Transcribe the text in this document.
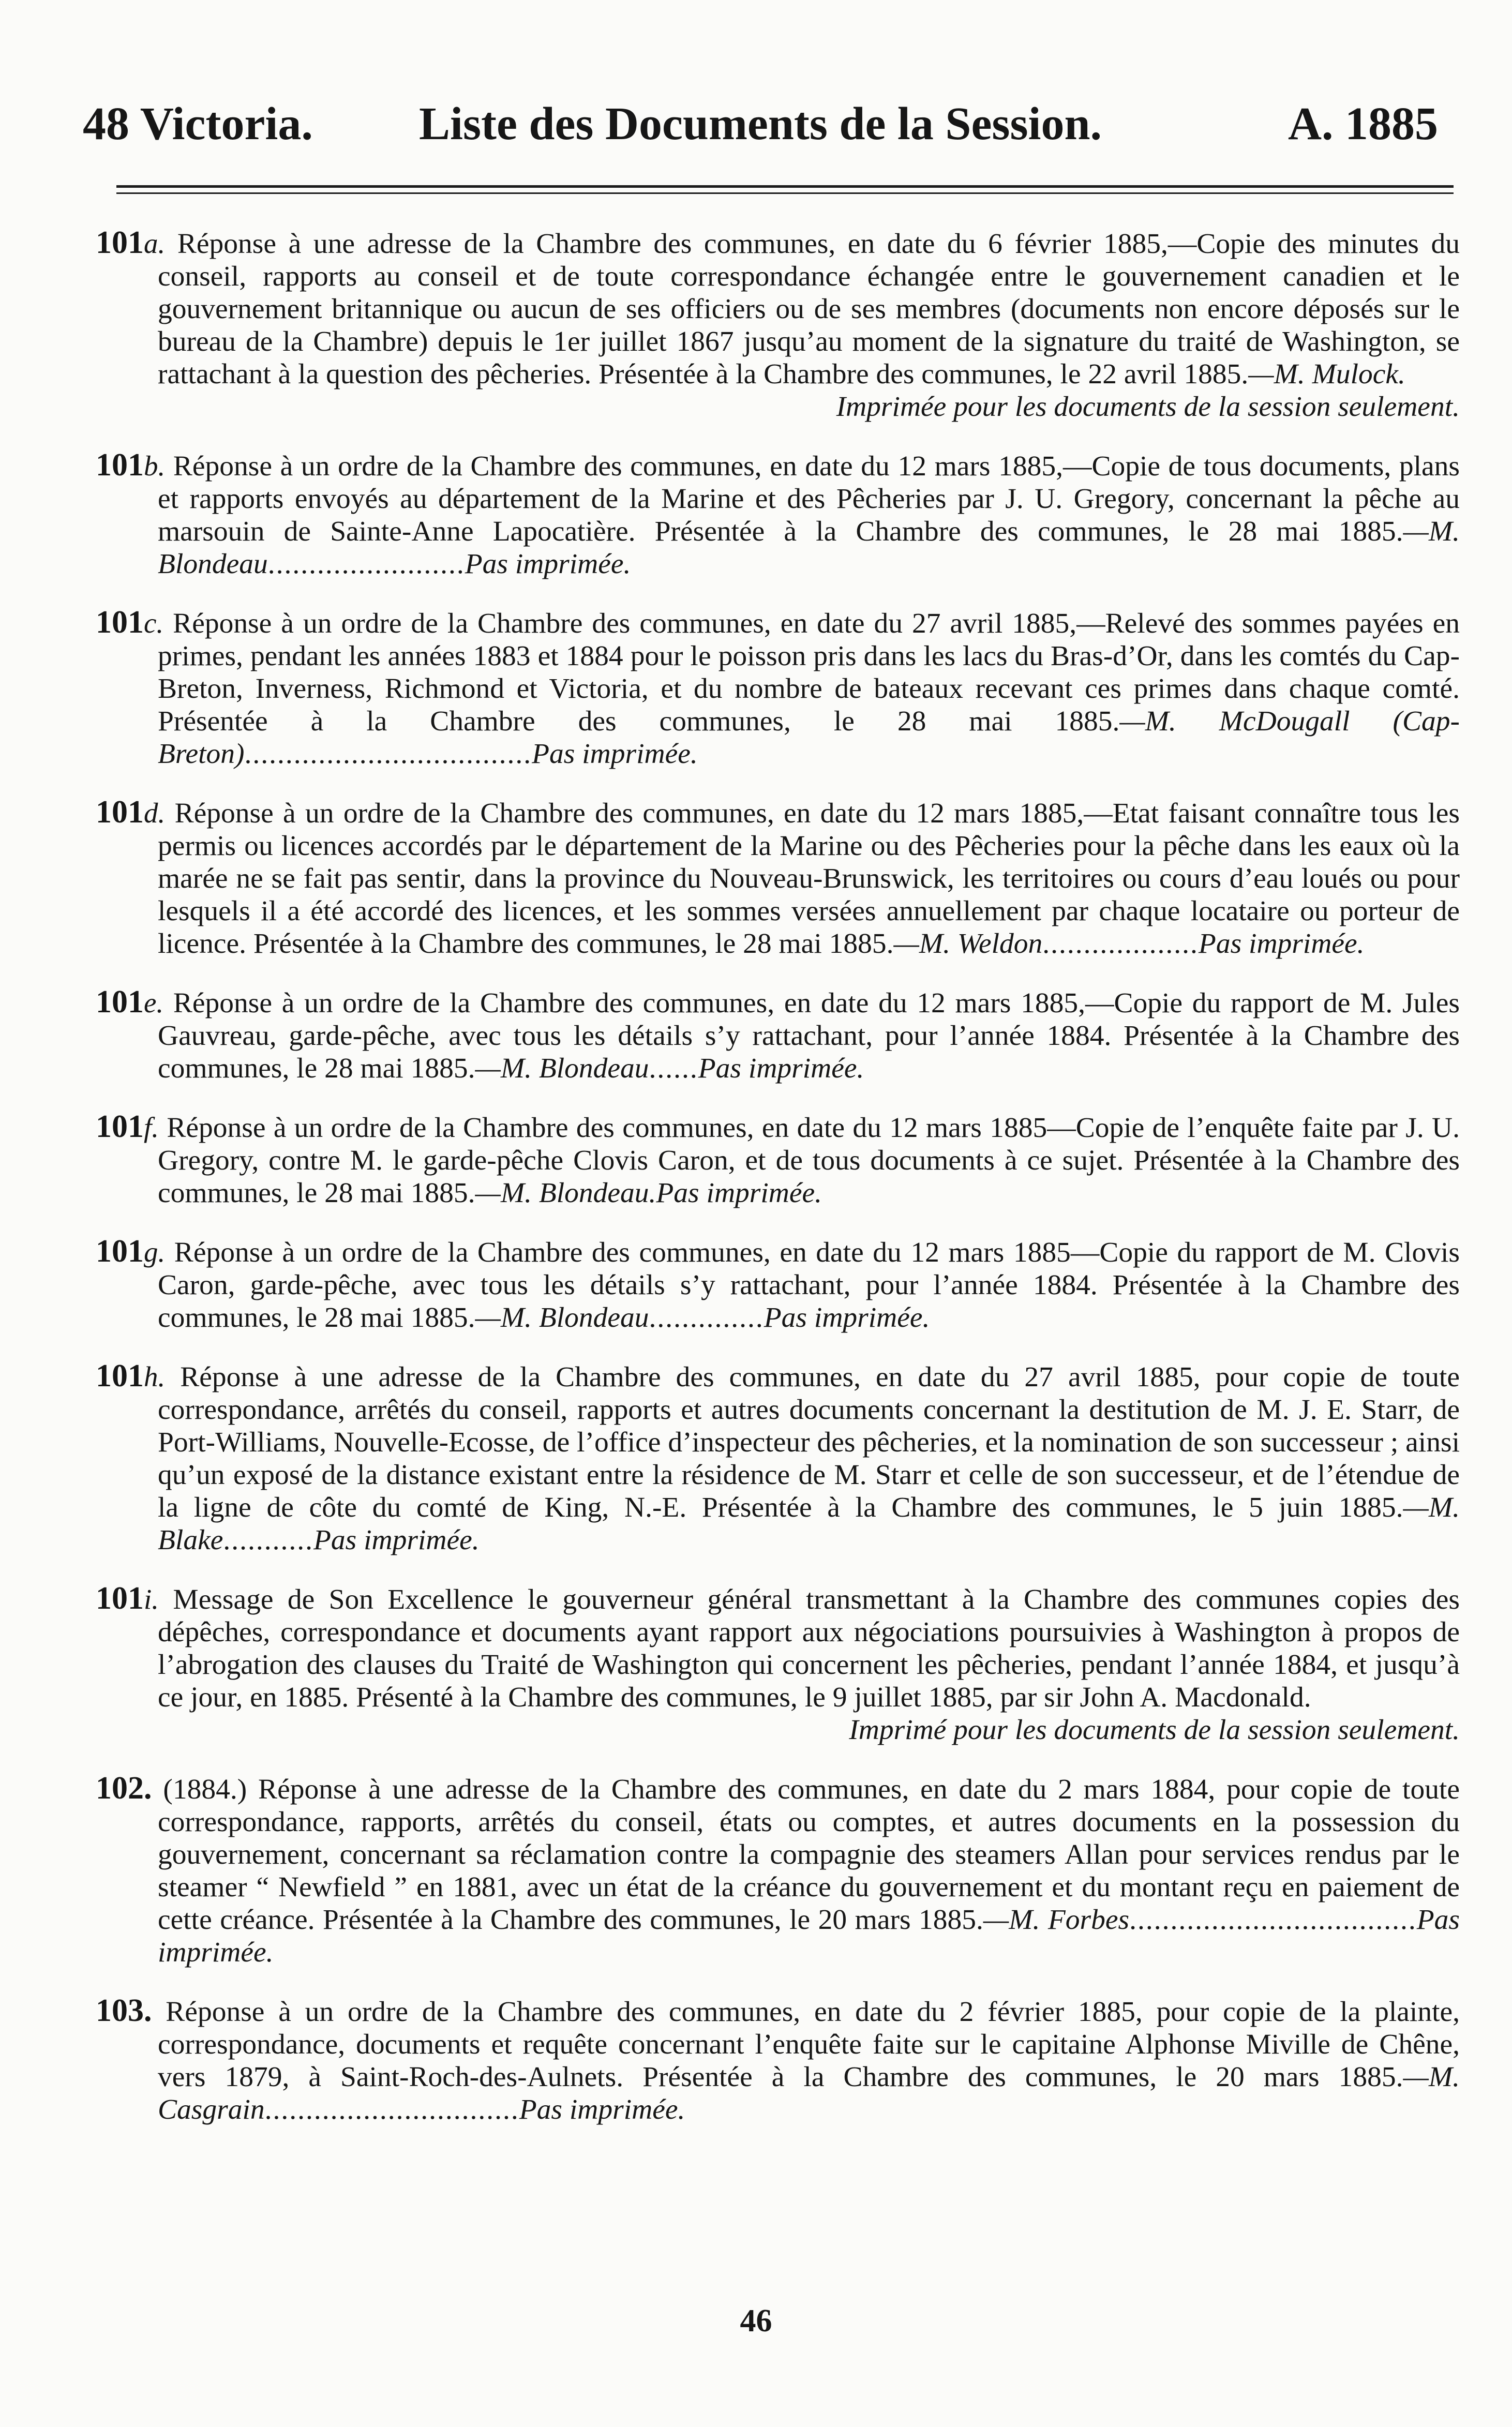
48 Victoria.	Liste des Documents de la Session.	A. 1885
101a. Réponse à une adresse de la Chambre des communes, en date du 6 février 1885,—Copie des minutes du conseil, rapports au conseil et de toute correspondance échangée entre le gouvernement canadien et le gouvernement britannique ou aucun de ses officiers ou de ses membres (documents non encore déposés sur le bureau de la Chambre) depuis le 1er juillet 1867 jusqu’au moment de la signature du traité de Washington, se rattachant à la question des pêcheries. Présentée à la Chambre des communes, le 22 avril 1885.—M. Mulock.
Imprimée pour les documents de la session seulement.
101b. Réponse à un ordre de la Chambre des communes, en date du 12 mars 1885,—Copie de tous documents, plans et rapports envoyés au département de la Marine et des Pêcheries par J. U. Gregory, concernant la pêche au marsouin de Sainte-Anne Lapocatière. Présentée à la Chambre des communes, le 28 mai 1885.—M. Blondeau........................Pas imprimée.
101c. Réponse à un ordre de la Chambre des communes, en date du 27 avril 1885,—Relevé des sommes payées en primes, pendant les années 1883 et 1884 pour le poisson pris dans les lacs du Bras-d’Or, dans les comtés du Cap-Breton, Inverness, Richmond et Victoria, et du nombre de bateaux recevant ces primes dans chaque comté. Présentée à la Chambre des communes, le 28 mai 1885.—M. McDougall (Cap-Breton)...................................Pas imprimée.
101d. Réponse à un ordre de la Chambre des communes, en date du 12 mars 1885,—Etat faisant connaître tous les permis ou licences accordés par le département de la Marine ou des Pêcheries pour la pêche dans les eaux où la marée ne se fait pas sentir, dans la province du Nouveau-Brunswick, les territoires ou cours d’eau loués ou pour lesquels il a été accordé des licences, et les sommes versées annuellement par chaque locataire ou porteur de licence. Présentée à la Chambre des communes, le 28 mai 1885.—M. Weldon...................Pas imprimée.
101e. Réponse à un ordre de la Chambre des communes, en date du 12 mars 1885,—Copie du rapport de M. Jules Gauvreau, garde-pêche, avec tous les détails s’y rattachant, pour l’année 1884. Présentée à la Chambre des communes, le 28 mai 1885.—M. Blondeau......Pas imprimée.
101f. Réponse à un ordre de la Chambre des communes, en date du 12 mars 1885—Copie de l’enquête faite par J. U. Gregory, contre M. le garde-pêche Clovis Caron, et de tous documents à ce sujet. Présentée à la Chambre des communes, le 28 mai 1885.—M. Blondeau.Pas imprimée.
101g. Réponse à un ordre de la Chambre des communes, en date du 12 mars 1885—Copie du rapport de M. Clovis Caron, garde-pêche, avec tous les détails s’y rattachant, pour l’année 1884. Présentée à la Chambre des communes, le 28 mai 1885.—M. Blondeau..............Pas imprimée.
101h. Réponse à une adresse de la Chambre des communes, en date du 27 avril 1885, pour copie de toute correspondance, arrêtés du conseil, rapports et autres documents concernant la destitution de M. J. E. Starr, de Port-Williams, Nouvelle-Ecosse, de l’office d’inspecteur des pêcheries, et la nomination de son successeur ; ainsi qu’un exposé de la distance existant entre la résidence de M. Starr et celle de son successeur, et de l’étendue de la ligne de côte du comté de King, N.-E. Présentée à la Chambre des communes, le 5 juin 1885.—M. Blake...........Pas imprimée.
101i. Message de Son Excellence le gouverneur général transmettant à la Chambre des communes copies des dépêches, correspondance et documents ayant rapport aux négociations poursuivies à Washington à propos de l’abrogation des clauses du Traité de Washington qui concernent les pêcheries, pendant l’année 1884, et jusqu’à ce jour, en 1885. Présenté à la Chambre des communes, le 9 juillet 1885, par sir John A. Macdonald.
Imprimé pour les documents de la session seulement.
102. (1884.) Réponse à une adresse de la Chambre des communes, en date du 2 mars 1884, pour copie de toute correspondance, rapports, arrêtés du conseil, états ou comptes, et autres documents en la possession du gouvernement, concernant sa réclamation contre la compagnie des steamers Allan pour services rendus par le steamer “ Newfield ” en 1881, avec un état de la créance du gouvernement et du montant reçu en paiement de cette créance. Présentée à la Chambre des communes, le 20 mars 1885.—M. Forbes...................................Pas imprimée.
103. Réponse à un ordre de la Chambre des communes, en date du 2 février 1885, pour copie de la plainte, correspondance, documents et requête concernant l’enquête faite sur le capitaine Alphonse Miville de Chêne, vers 1879, à Saint-Roch-des-Aulnets. Présentée à la Chambre des communes, le 20 mars 1885.—M. Casgrain...............................Pas imprimée.
46
